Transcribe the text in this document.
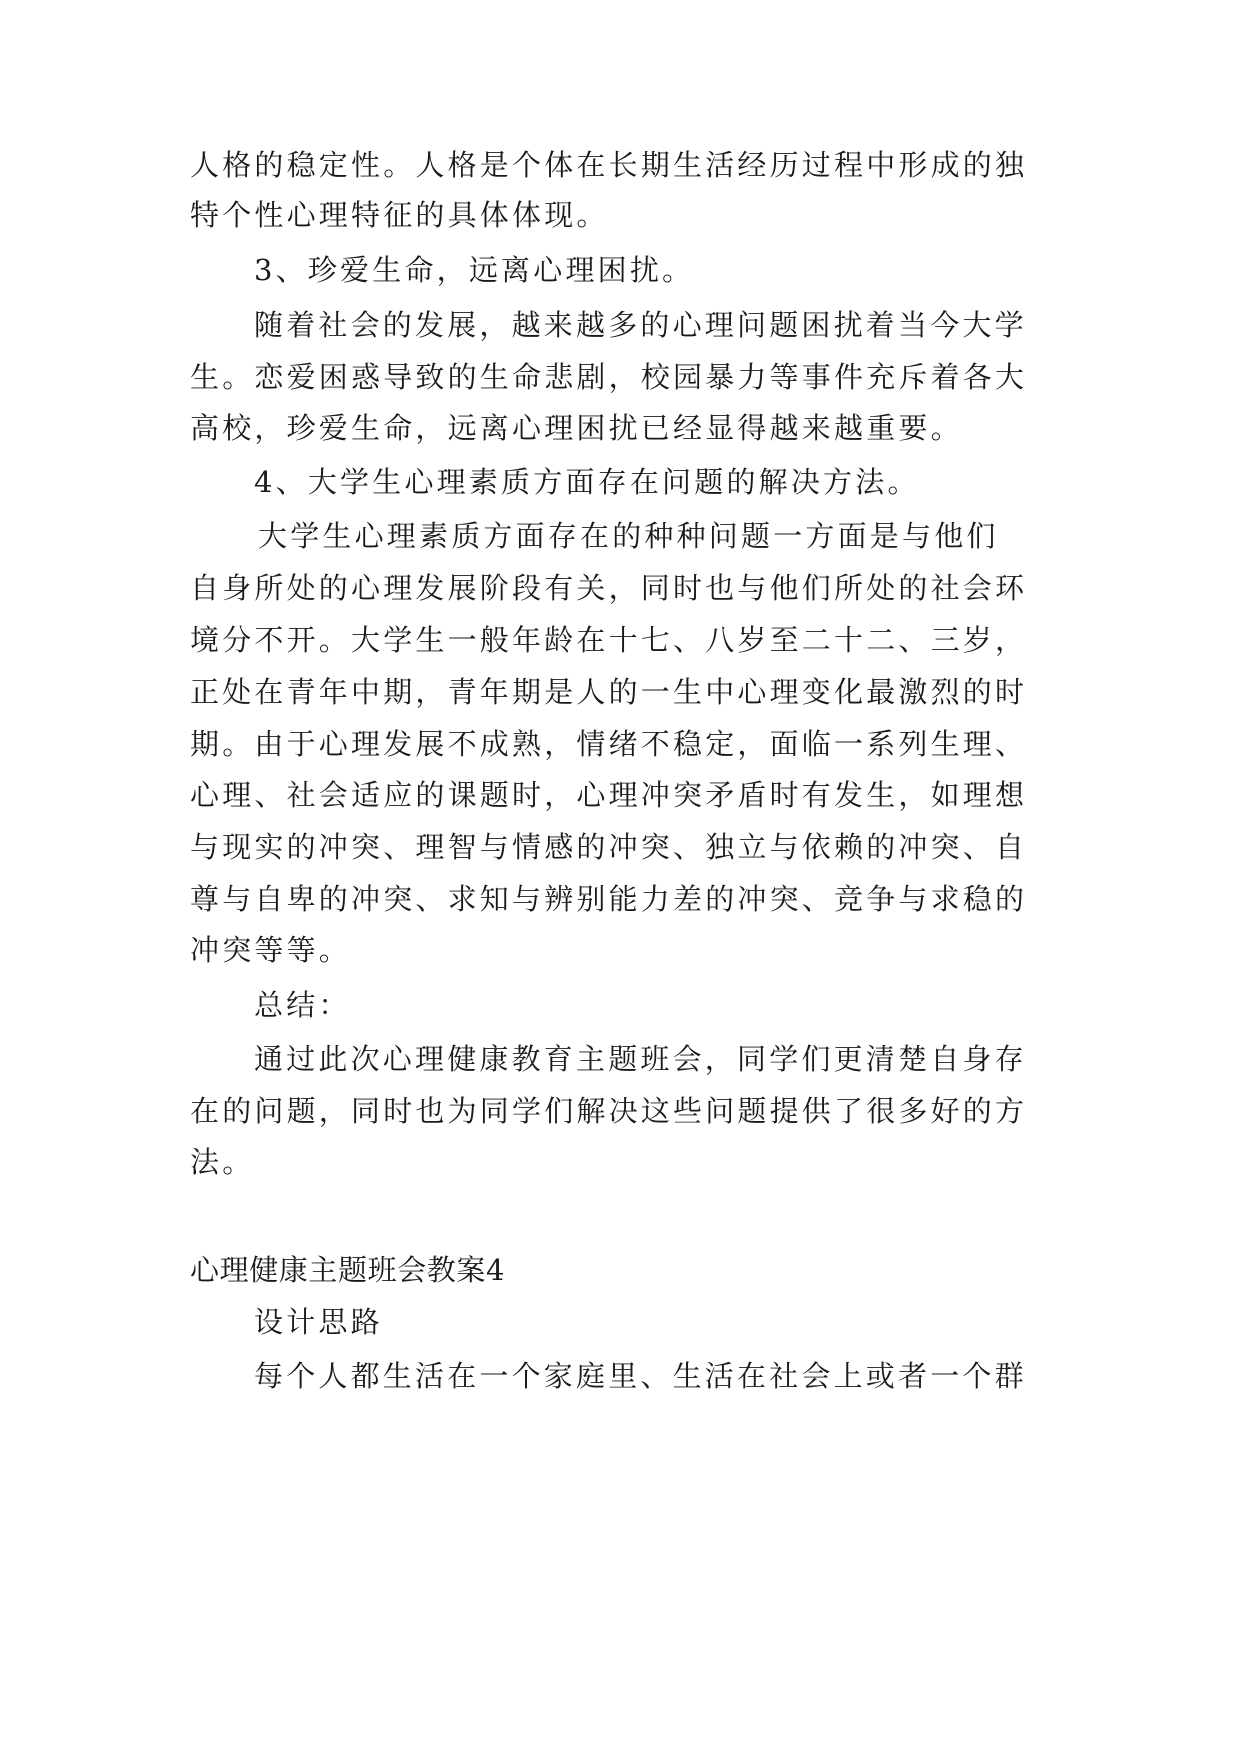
人格的稳定性。人格是个体在长期生活经历过程中形成的独
特个性心理特征的具体体现。
3、珍爱生命，远离心理困扰。
随着社会的发展，越来越多的心理问题困扰着当今大学
生。恋爱困惑导致的生命悲剧，校园暴力等事件充斥着各大
高校，珍爱生命，远离心理困扰已经显得越来越重要。
4、大学生心理素质方面存在问题的解决方法。
大学生心理素质方面存在的种种问题一方面是与他们
自身所处的心理发展阶段有关，同时也与他们所处的社会环
境分不开。大学生一般年龄在十七、八岁至二十二、三岁，
正处在青年中期，青年期是人的一生中心理变化最激烈的时
期。由于心理发展不成熟，情绪不稳定，面临一系列生理、
心理、社会适应的课题时，心理冲突矛盾时有发生，如理想
与现实的冲突、理智与情感的冲突、独立与依赖的冲突、自
尊与自卑的冲突、求知与辨别能力差的冲突、竞争与求稳的
冲突等等。
总结：
通过此次心理健康教育主题班会，同学们更清楚自身存
在的问题，同时也为同学们解决这些问题提供了很多好的方
法。
心理健康主题班会教案4
设计思路
每个人都生活在一个家庭里、生活在社会上或者一个群
